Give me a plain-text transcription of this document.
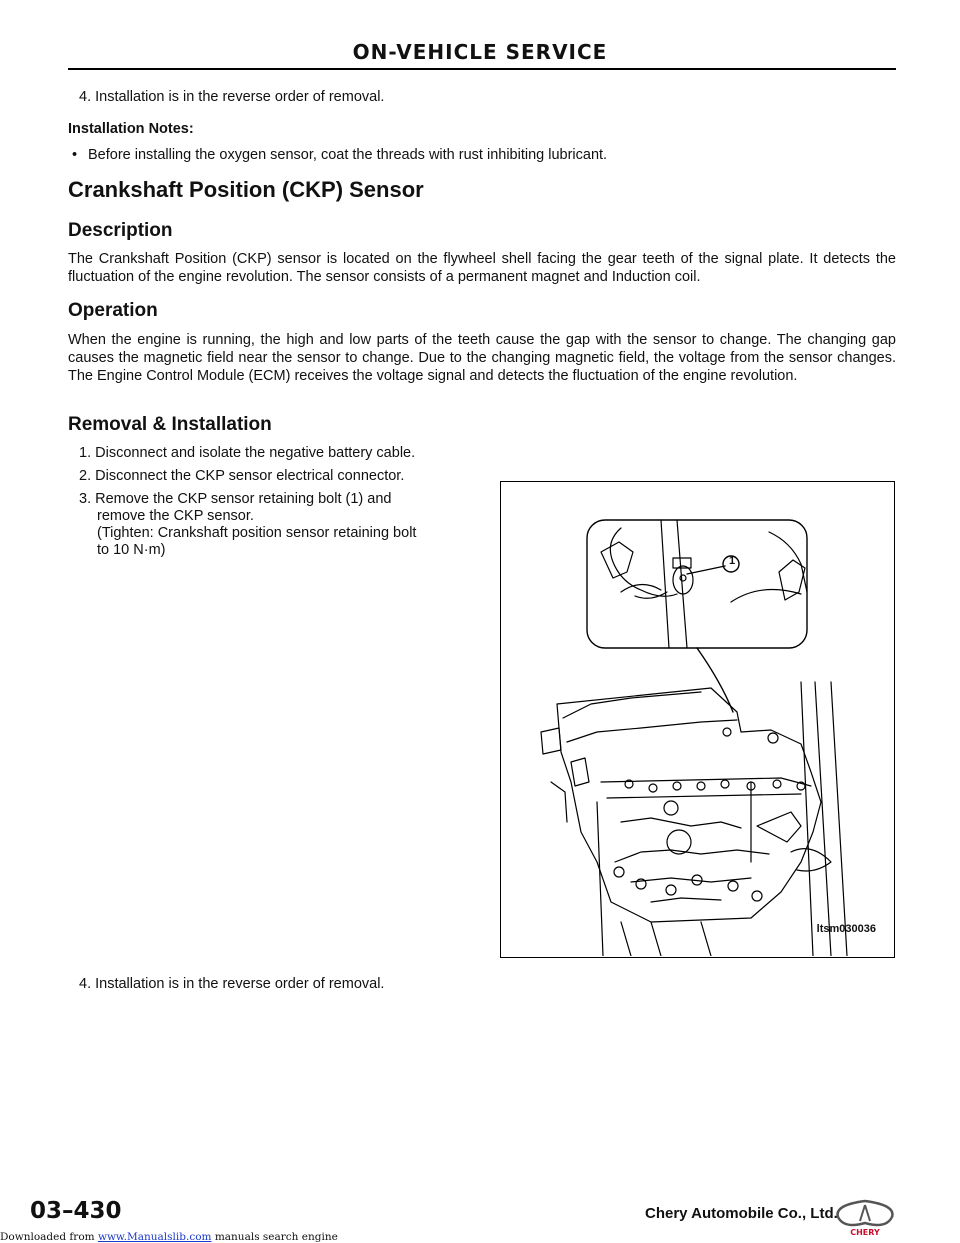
ON-VEHICLE SERVICE
4. Installation is in the reverse order of removal.
Installation Notes:
• Before installing the oxygen sensor, coat the threads with rust inhibiting lubricant.
Crankshaft Position (CKP) Sensor
Description
The Crankshaft Position (CKP) sensor is located on the flywheel shell facing the gear teeth of the signal plate. It detects the fluctuation of the engine revolution. The sensor consists of a permanent magnet and Induction coil.
Operation
When the engine is running, the high and low parts of the teeth cause the gap with the sensor to change. The changing gap causes the magnetic field near the sensor to change. Due to the changing magnetic field, the voltage from the sensor changes. The Engine Control Module (ECM) receives the voltage signal and detects the fluctuation of the engine revolution.
Removal & Installation
1. Disconnect and isolate the negative battery cable.
2. Disconnect the CKP sensor electrical connector.
3. Remove the CKP sensor retaining bolt (1) and
remove the CKP sensor.
(Tighten: Crankshaft position sensor retaining bolt
to 10 N·m)
4. Installation is in the reverse order of removal.
1
ltsm030036
03–430	Chery Automobile Co., Ltd.
CHERY
Downloaded from www.Manualslib.com manuals search engine
